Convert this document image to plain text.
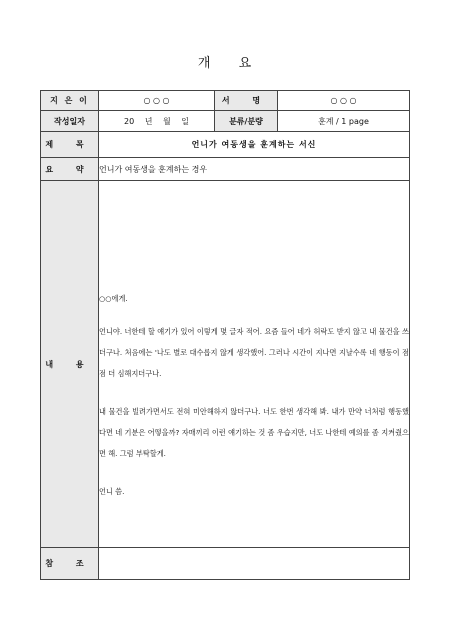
개 요
지 은 이	○ ○ ○	서 명	○ ○ ○
작성일자	20 년 월 일	분류/분량	훈계 / 1 page
제 목	언니가 여동생을 훈계하는 서신		
요 약	언니가 여동생을 훈계하는 경우		
내 용	○○에게.

언니야. 너한테 할 얘기가 있어 이렇게 몇 글자 적어. 요즘 들어 네가 허락도 받지 않고 내 물건을 쓰더구나. 처음에는 '나도 별로 대수롭지 않게 생각했어. 그러나 시간이 지나면 지날수록 네 행동이 점점 더 심해지더구나.

내 물건을 빌려가면서도 전혀 미안해하지 않더구나. 너도 한번 생각해 봐. 내가 만약 너처럼 행동했다면 네 기분은 어떻을까? 자매끼리 이런 얘기하는 것 좀 우습지만, 너도 나한테 예의를 좀 지켜줬으면 해. 그럼 부탁할게.

언니 씀.		

참 조			
